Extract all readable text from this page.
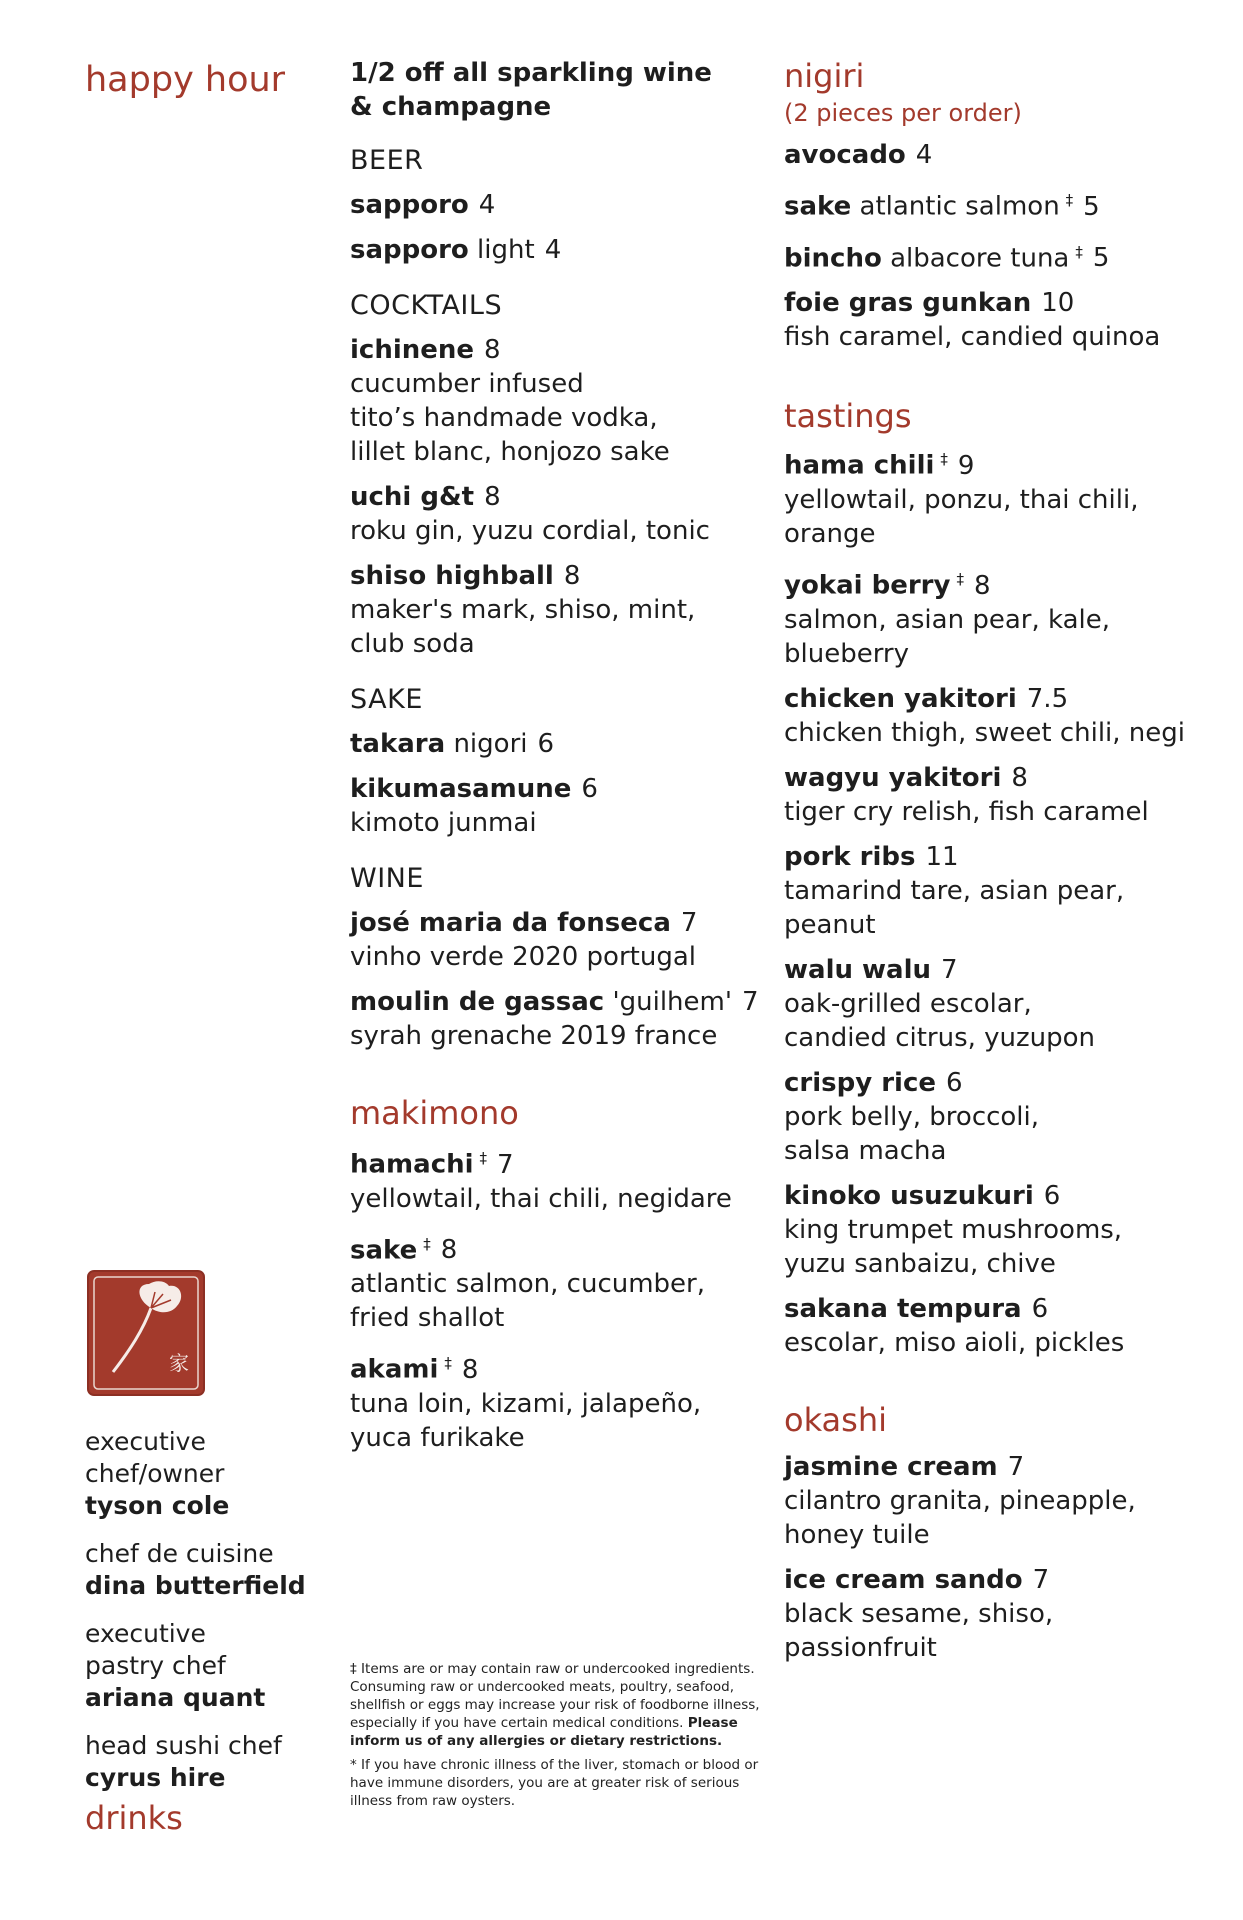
happy hour
家
executive
chef/owner
tyson cole
chef de cuisine
dina butterfield
executive
pastry chef
ariana quant
head sushi chef
cyrus hire
drinks
1/2 off all sparkling wine & champagne
BEER
sapporo 4
sapporo light 4
COCKTAILS
ichinene 8
cucumber infused
tito’s handmade vodka,
lillet blanc, honjozo sake
uchi g&t 8
roku gin, yuzu cordial, tonic
shiso highball 8
maker's mark, shiso, mint,
club soda
SAKE
takara nigori 6
kikumasamune 6
kimoto junmai
WINE
josé maria da fonseca 7
vinho verde 2020 portugal
moulin de gassac 'guilhem' 7
syrah grenache 2019 france
makimono
hamachi ‡ 7
yellowtail, thai chili, negidare
sake ‡ 8
atlantic salmon, cucumber,
fried shallot
akami ‡ 8
tuna loin, kizami, jalapeño,
yuca furikake

‡ Items are or may contain raw or undercooked ingredients. Consuming raw or undercooked meats, poultry, seafood, shellfish or eggs may increase your risk of foodborne illness, especially if you have certain medical conditions. Please inform us of any allergies or dietary restrictions.

* If you have chronic illness of the liver, stomach or blood or have immune disorders, you are at greater risk of serious illness from raw oysters.

nigiri
(2 pieces per order)
avocado 4
sake atlantic salmon ‡ 5
bincho albacore tuna ‡ 5
foie gras gunkan 10
fish caramel, candied quinoa
tastings
hama chili ‡ 9
yellowtail, ponzu, thai chili,
orange
yokai berry ‡ 8
salmon, asian pear, kale,
blueberry
chicken yakitori 7.5
chicken thigh, sweet chili, negi
wagyu yakitori 8
tiger cry relish, fish caramel
pork ribs 11
tamarind tare, asian pear,
peanut
walu walu 7
oak-grilled escolar,
candied citrus, yuzupon
crispy rice 6
pork belly, broccoli,
salsa macha
kinoko usuzukuri 6
king trumpet mushrooms,
yuzu sanbaizu, chive
sakana tempura 6
escolar, miso aioli, pickles
okashi
jasmine cream 7
cilantro granita, pineapple,
honey tuile
ice cream sando 7
black sesame, shiso,
passionfruit
